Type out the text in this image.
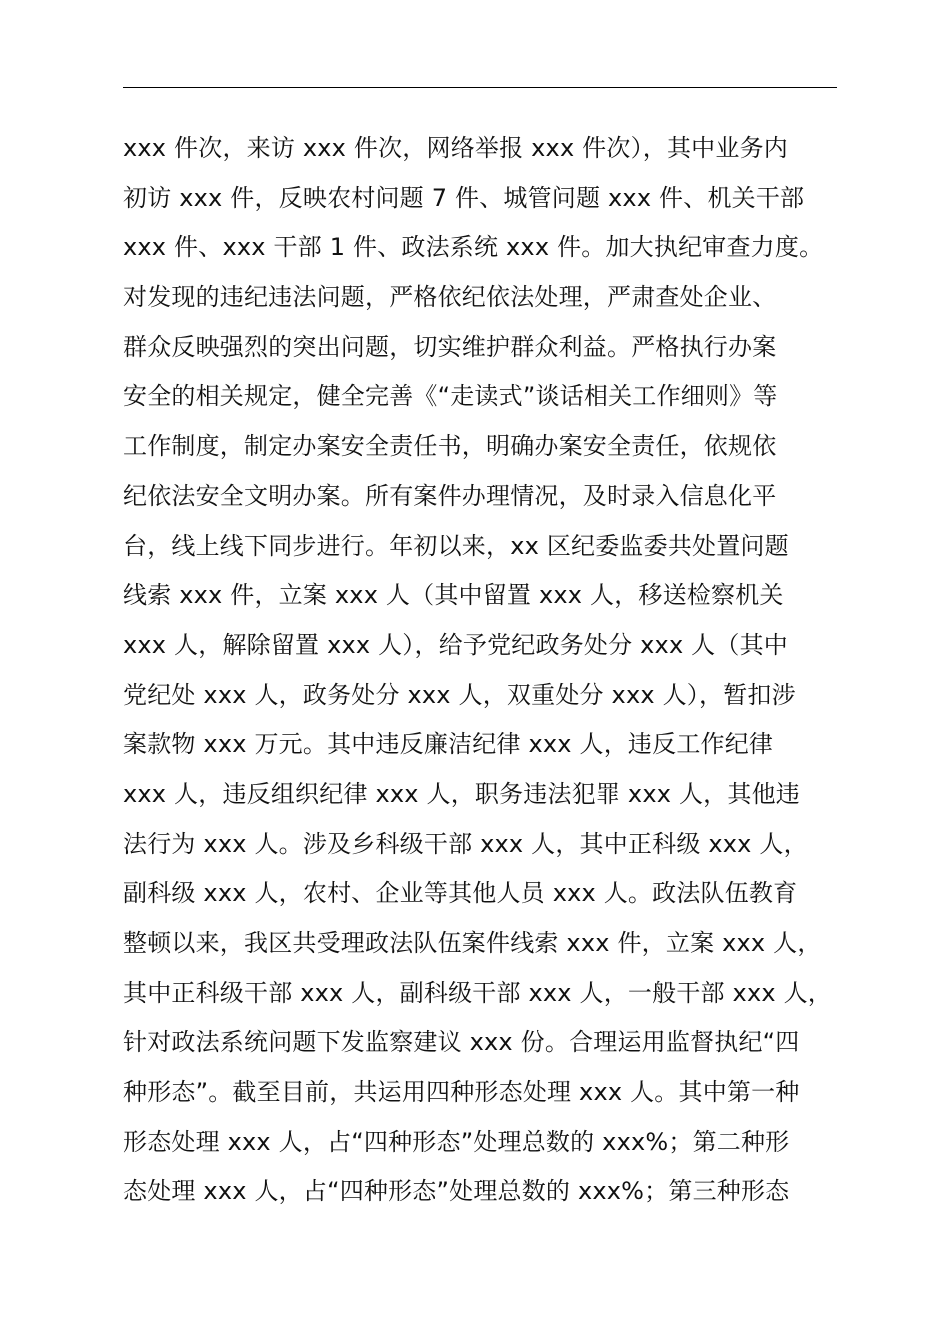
xxx 件次，来访 xxx 件次，网络举报 xxx 件次），其中业务内
初访 xxx 件，反映农村问题 7 件、城管问题 xxx 件、机关干部
xxx 件、xxx 干部 1 件、政法系统 xxx 件。加大执纪审查力度。
对发现的违纪违法问题，严格依纪依法处理，严肃查处企业、
群众反映强烈的突出问题，切实维护群众利益。严格执行办案
安全的相关规定，健全完善《“走读式”谈话相关工作细则》等
工作制度，制定办案安全责任书，明确办案安全责任，依规依
纪依法安全文明办案。所有案件办理情况，及时录入信息化平
台，线上线下同步进行。年初以来，xx 区纪委监委共处置问题
线索 xxx 件，立案 xxx 人（其中留置 xxx 人，移送检察机关
xxx 人，解除留置 xxx 人），给予党纪政务处分 xxx 人（其中
党纪处 xxx 人，政务处分 xxx 人，双重处分 xxx 人），暂扣涉
案款物 xxx 万元。其中违反廉洁纪律 xxx 人，违反工作纪律
xxx 人，违反组织纪律 xxx 人，职务违法犯罪 xxx 人，其他违
法行为 xxx 人。涉及乡科级干部 xxx 人，其中正科级 xxx 人，
副科级 xxx 人，农村、企业等其他人员 xxx 人。政法队伍教育
整顿以来，我区共受理政法队伍案件线索 xxx 件，立案 xxx 人，
其中正科级干部 xxx 人，副科级干部 xxx 人，一般干部 xxx 人，
针对政法系统问题下发监察建议 xxx 份。合理运用监督执纪“四
种形态”。截至目前，共运用四种形态处理 xxx 人。其中第一种
形态处理 xxx 人，占“四种形态”处理总数的 xxx%；第二种形
态处理 xxx 人，占“四种形态”处理总数的 xxx%；第三种形态
